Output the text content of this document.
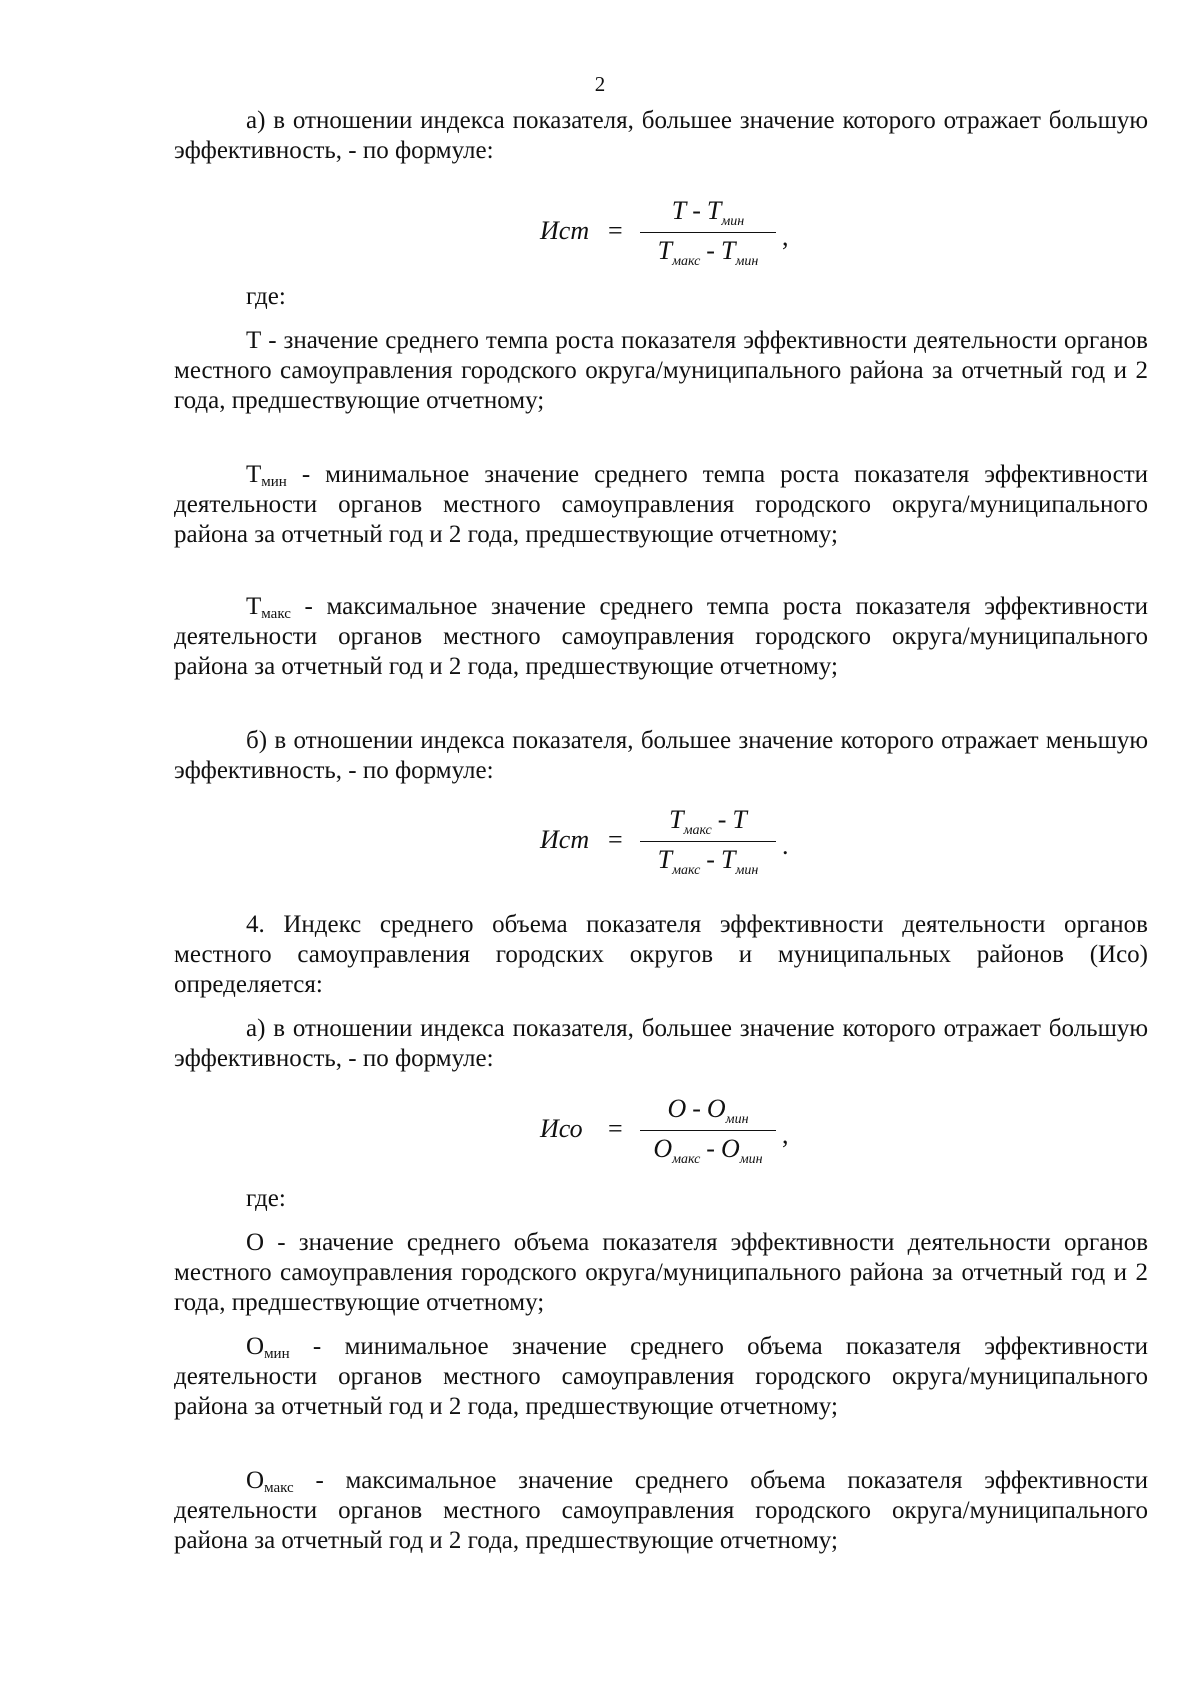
2
а) в отношении индекса показателя, большее значение которого отражает большую эффективность, - по формуле:
Ист =
Т - $Т_{мин}$
$Т_{макс} - Т_{мин}$
,
где:
Т - значение среднего темпа роста показателя эффективности деятельности органов местного самоуправления городского округа/муниципального района за отчетный год и 2 года, предшествующие отчетному;
$Т_{мин}$ - минимальное значение среднего темпа роста показателя эффективности деятельности органов местного самоуправления городского округа/муниципального района за отчетный год и 2 года, предшествующие отчетному;
$Т_{макс}$ - максимальное значение среднего темпа роста показателя эффективности деятельности органов местного самоуправления городского округа/муниципального района за отчетный год и 2 года, предшествующие отчетному;
б) в отношении индекса показателя, большее значение которого отражает меньшую эффективность, - по формуле:
Ист =
$Т_{макс}$ - Т
$Т_{макс} - Т_{мин}$
.
4. Индекс среднего объема показателя эффективности деятельности органов местного самоуправления городских округов и муниципальных районов (Исо) определяется:
а) в отношении индекса показателя, большее значение которого отражает большую эффективность, - по формуле:
Исо =
О - $О_{мин}$
$О_{макс} - О_{мин}$
,
где:
О - значение среднего объема показателя эффективности деятельности органов местного самоуправления городского округа/муниципального района за отчетный год и 2 года, предшествующие отчетному;
$О_{мин}$ - минимальное значение среднего объема показателя эффективности деятельности органов местного самоуправления городского округа/муниципального района за отчетный год и 2 года, предшествующие отчетному;
$О_{макс}$ - максимальное значение среднего объема показателя эффективности деятельности органов местного самоуправления городского округа/муниципального района за отчетный год и 2 года, предшествующие отчетному;
